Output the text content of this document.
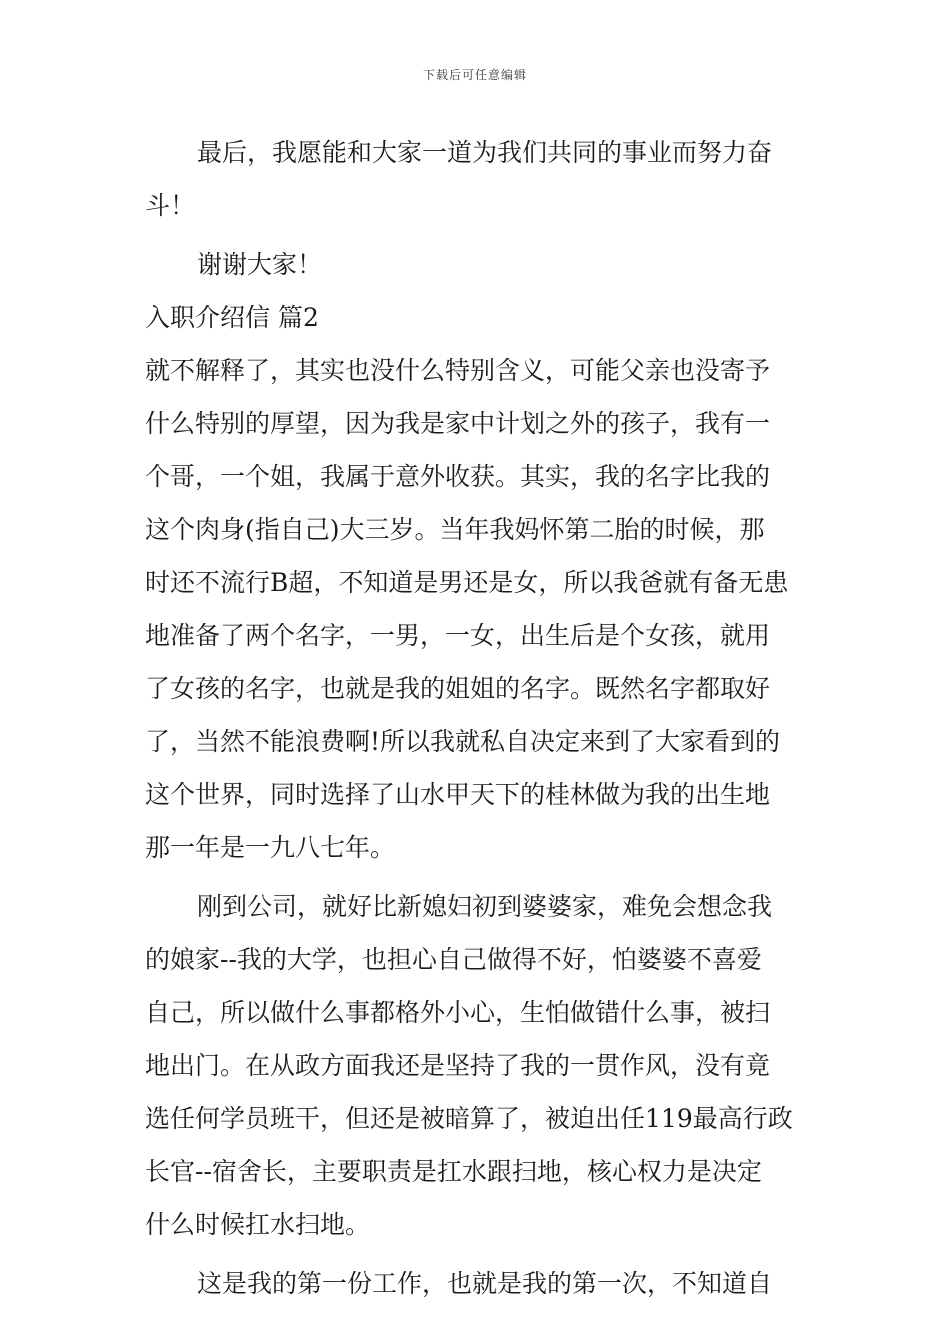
下载后可任意编辑
最后，我愿能和大家一道为我们共同的事业而努力奋
斗！
谢谢大家！
入职介绍信 篇2
就不解释了，其实也没什么特别含义，可能父亲也没寄予
什么特别的厚望，因为我是家中计划之外的孩子，我有一
个哥，一个姐，我属于意外收获。其实，我的名字比我的
这个肉身(指自己)大三岁。当年我妈怀第二胎的时候，那
时还不流行B超，不知道是男还是女，所以我爸就有备无患
地准备了两个名字，一男，一女，出生后是个女孩，就用
了女孩的名字，也就是我的姐姐的名字。既然名字都取好
了，当然不能浪费啊!所以我就私自决定来到了大家看到的
这个世界，同时选择了山水甲天下的桂林做为我的出生地
那一年是一九八七年。
刚到公司，就好比新媳妇初到婆婆家，难免会想念我
的娘家--我的大学，也担心自己做得不好，怕婆婆不喜爱
自己，所以做什么事都格外小心，生怕做错什么事，被扫
地出门。在从政方面我还是坚持了我的一贯作风，没有竟
选任何学员班干，但还是被暗算了，被迫出任119最高行政
长官--宿舍长，主要职责是扛水跟扫地，核心权力是决定
什么时候扛水扫地。
这是我的第一份工作，也就是我的第一次，不知道自
